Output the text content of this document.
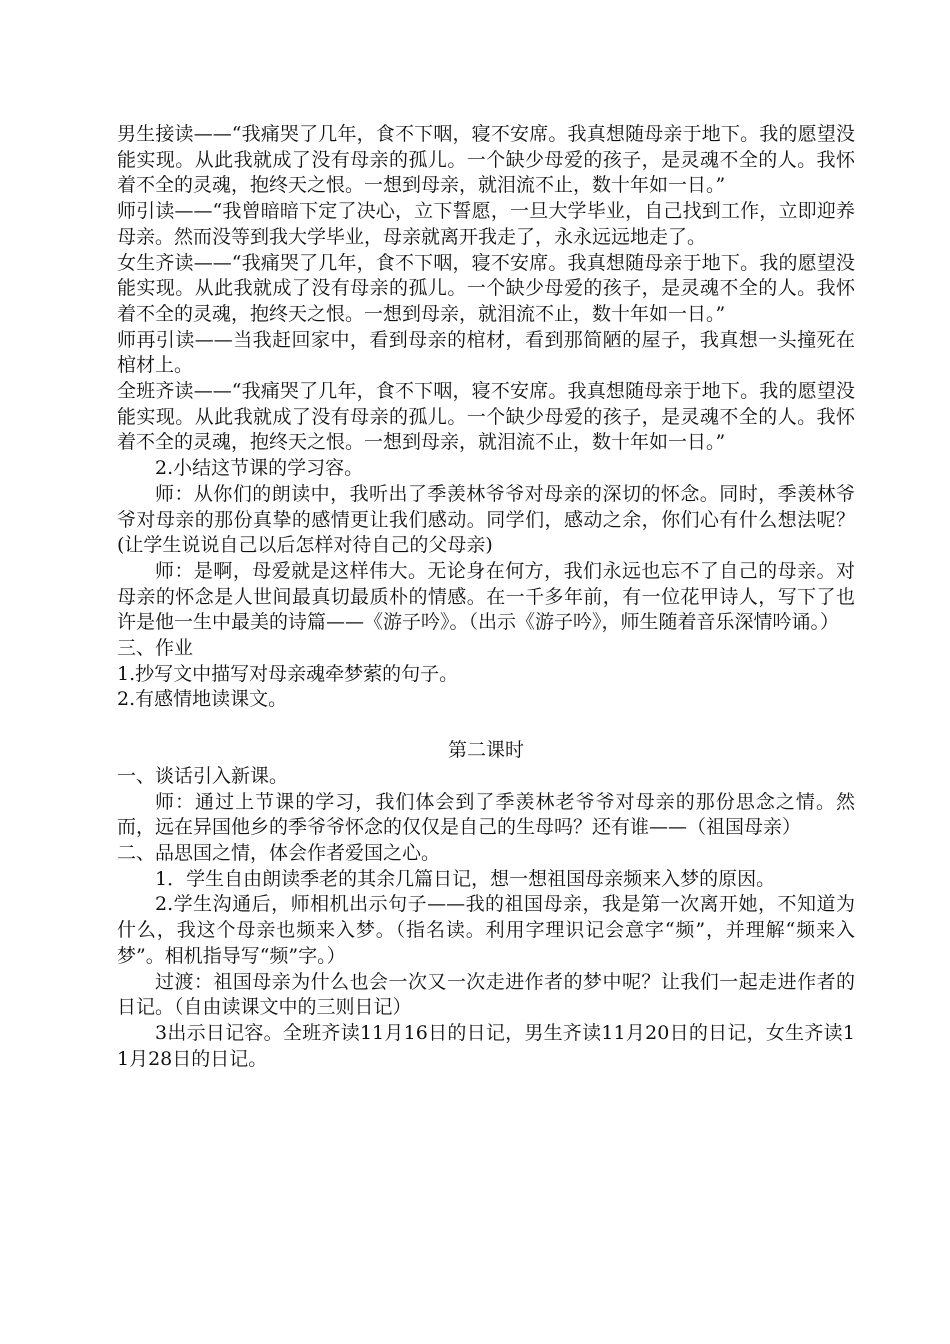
男生接读——“我痛哭了几年，食不下咽，寝不安席。我真想随母亲于地下。我的愿望没能实现。从此我就成了没有母亲的孤儿。一个缺少母爱的孩子，是灵魂不全的人。我怀着不全的灵魂，抱终天之恨。一想到母亲，就泪流不止，数十年如一日。”

师引读——“我曾暗暗下定了决心，立下誓愿，一旦大学毕业，自己找到工作，立即迎养母亲。然而没等到我大学毕业，母亲就离开我走了，永永远远地走了。

女生齐读——“我痛哭了几年，食不下咽，寝不安席。我真想随母亲于地下。我的愿望没能实现。从此我就成了没有母亲的孤儿。一个缺少母爱的孩子，是灵魂不全的人。我怀着不全的灵魂，抱终天之恨。一想到母亲，就泪流不止，数十年如一日。”

师再引读——当我赶回家中，看到母亲的棺材，看到那简陋的屋子，我真想一头撞死在棺材上。

全班齐读——“我痛哭了几年，食不下咽，寝不安席。我真想随母亲于地下。我的愿望没能实现。从此我就成了没有母亲的孤儿。一个缺少母爱的孩子，是灵魂不全的人。我怀着不全的灵魂，抱终天之恨。一想到母亲，就泪流不止，数十年如一日。”

2.小结这节课的学习容。

师：从你们的朗读中，我听出了季羡林爷爷对母亲的深切的怀念。同时，季羡林爷爷对母亲的那份真挚的感情更让我们感动。同学们，感动之余，你们心有什么想法呢？(让学生说说自己以后怎样对待自己的父母亲)

师：是啊，母爱就是这样伟大。无论身在何方，我们永远也忘不了自己的母亲。对母亲的怀念是人世间最真切最质朴的情感。在一千多年前，有一位花甲诗人，写下了也许是他一生中最美的诗篇——《游子吟》。（出示《游子吟》，师生随着音乐深情吟诵。）

三、作业

1.抄写文中描写对母亲魂牵梦萦的句子。

2.有感情地读课文。

第二课时

一、谈话引入新课。

师：通过上节课的学习，我们体会到了季羡林老爷爷对母亲的那份思念之情。然而，远在异国他乡的季爷爷怀念的仅仅是自己的生母吗？还有谁——（祖国母亲）

二、品思国之情，体会作者爱国之心。

1．学生自由朗读季老的其余几篇日记，想一想祖国母亲频来入梦的原因。

2.学生沟通后，师相机出示句子——我的祖国母亲，我是第一次离开她，不知道为什么，我这个母亲也频来入梦。（指名读。利用字理识记会意字“频”，并理解“频来入梦”。相机指导写“频”字。）

过渡：祖国母亲为什么也会一次又一次走进作者的梦中呢？让我们一起走进作者的日记。（自由读课文中的三则日记）

3出示日记容。全班齐读11月16日的日记，男生齐读11月20日的日记，女生齐读11月28日的日记。
